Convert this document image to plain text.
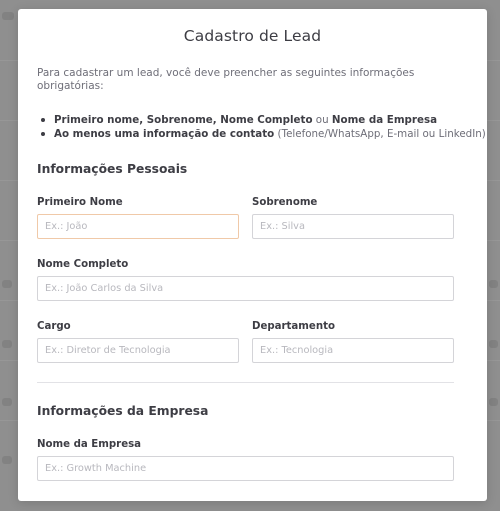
Cadastro de Lead
Para cadastrar um lead, você deve preencher as seguintes informações obrigatórias:
Primeiro nome, Sobrenome, Nome Completo ou Nome da Empresa
Ao menos uma informação de contato (Telefone/WhatsApp, E-mail ou LinkedIn)
Informações Pessoais
Primeiro Nome	Sobrenome
Ex.: João
Ex.: Silva
Nome Completo
Ex.: João Carlos da Silva
Cargo	Departamento
Ex.: Diretor de Tecnologia
Ex.: Tecnologia
Informações da Empresa
Nome da Empresa
Ex.: Growth Machine
